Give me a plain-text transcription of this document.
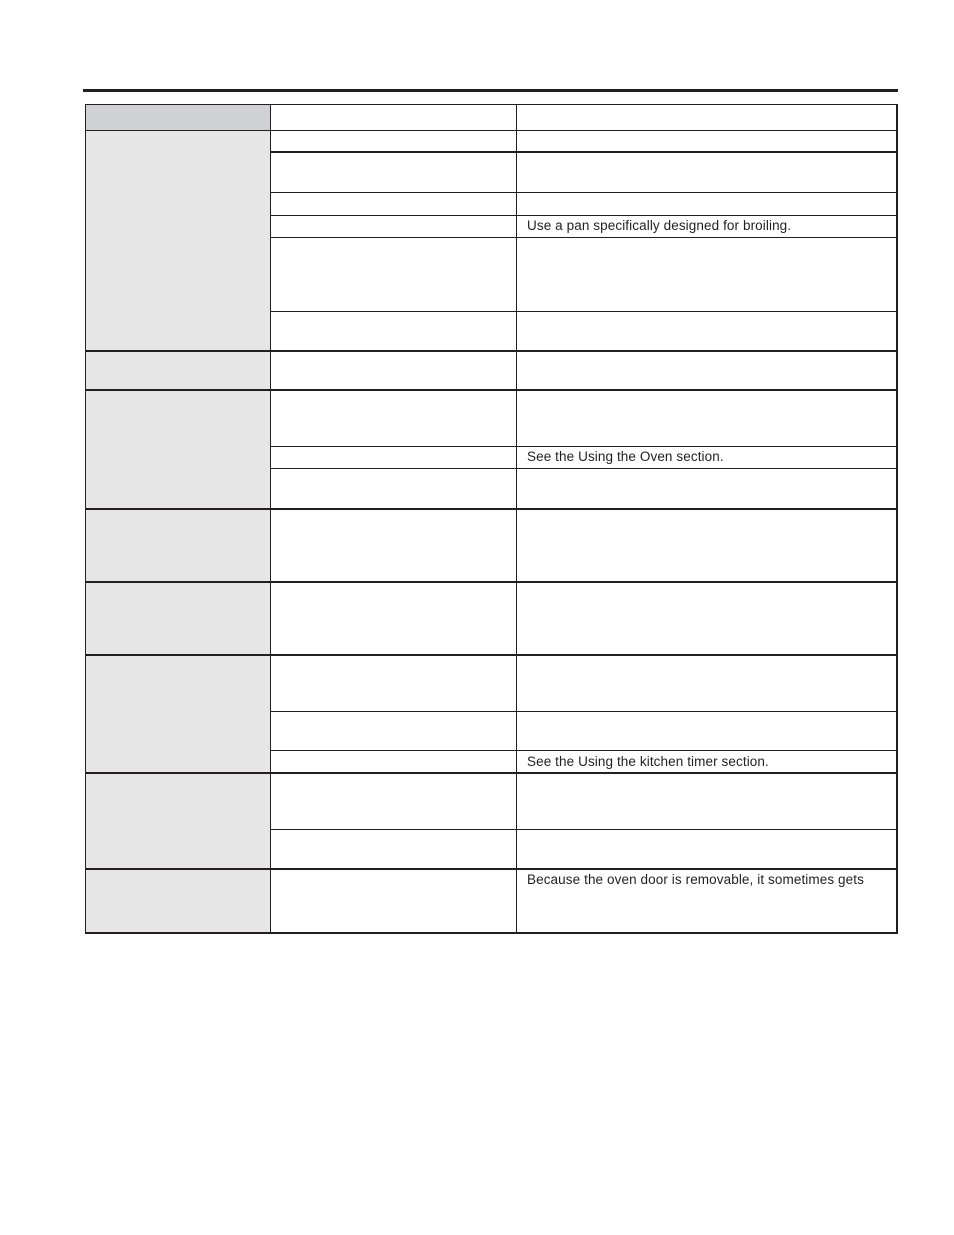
Use a pan specifically designed for broiling.
See the Using the Oven section.
See the Using the kitchen timer section.
Because the oven door is removable, it sometimes gets
